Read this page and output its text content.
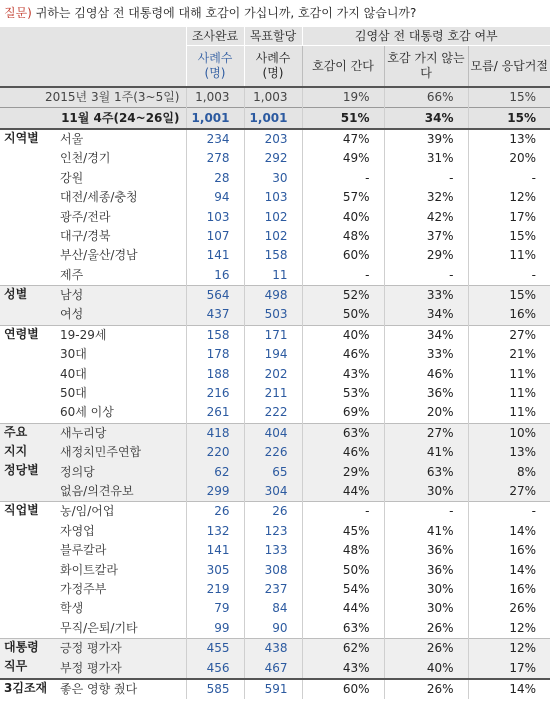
질문) 귀하는 김영삼 전 대통령에 대해 호감이 가십니까, 호감이 가지 않습니까?
		조사완료	목표할당	김영삼 전 대통령 호감 여부		
		사례수(명)	사례수(명)	호감이 간다	호감 가지 않는다	모름/ 응답거절
2015년 3월 1주(3~5일)		1,003	1,003	19%	66%	15%
11월 4주(24~26일)		1,001	1,001	51%	34%	15%
지역별	서울	234	203	47%	39%	13%
	인천/경기	278	292	49%	31%	20%
	강원	28	30	-	-	-
	대전/세종/충청	94	103	57%	32%	12%
	광주/전라	103	102	40%	42%	17%
	대구/경북	107	102	48%	37%	15%
	부산/울산/경남	141	158	60%	29%	11%
	제주	16	11	-	-	-
성별	남성	564	498	52%	33%	15%
	여성	437	503	50%	34%	16%
연령별	19-29세	158	171	40%	34%	27%
	30대	178	194	46%	33%	21%
	40대	188	202	43%	46%	11%
	50대	216	211	53%	36%	11%
	60세 이상	261	222	69%	20%	11%
주요	새누리당	418	404	63%	27%	10%
지지	새정치민주연합	220	226	46%	41%	13%
정당별	정의당	62	65	29%	63%	8%
	없음/의견유보	299	304	44%	30%	27%
직업별	농/임/어업	26	26	-	-	-
	자영업	132	123	45%	41%	14%
	블루칼라	141	133	48%	36%	16%
	화이트칼라	305	308	50%	36%	14%
	가정주부	219	237	54%	30%	16%
	학생	79	84	44%	30%	26%
	무직/은퇴/기타	99	90	63%	26%	12%
대통령	긍정 평가자	455	438	62%	26%	12%
직무	부정 평가자	456	467	43%	40%	17%
3김조재	좋은 영향 줬다	585	591	60%	26%	14%
